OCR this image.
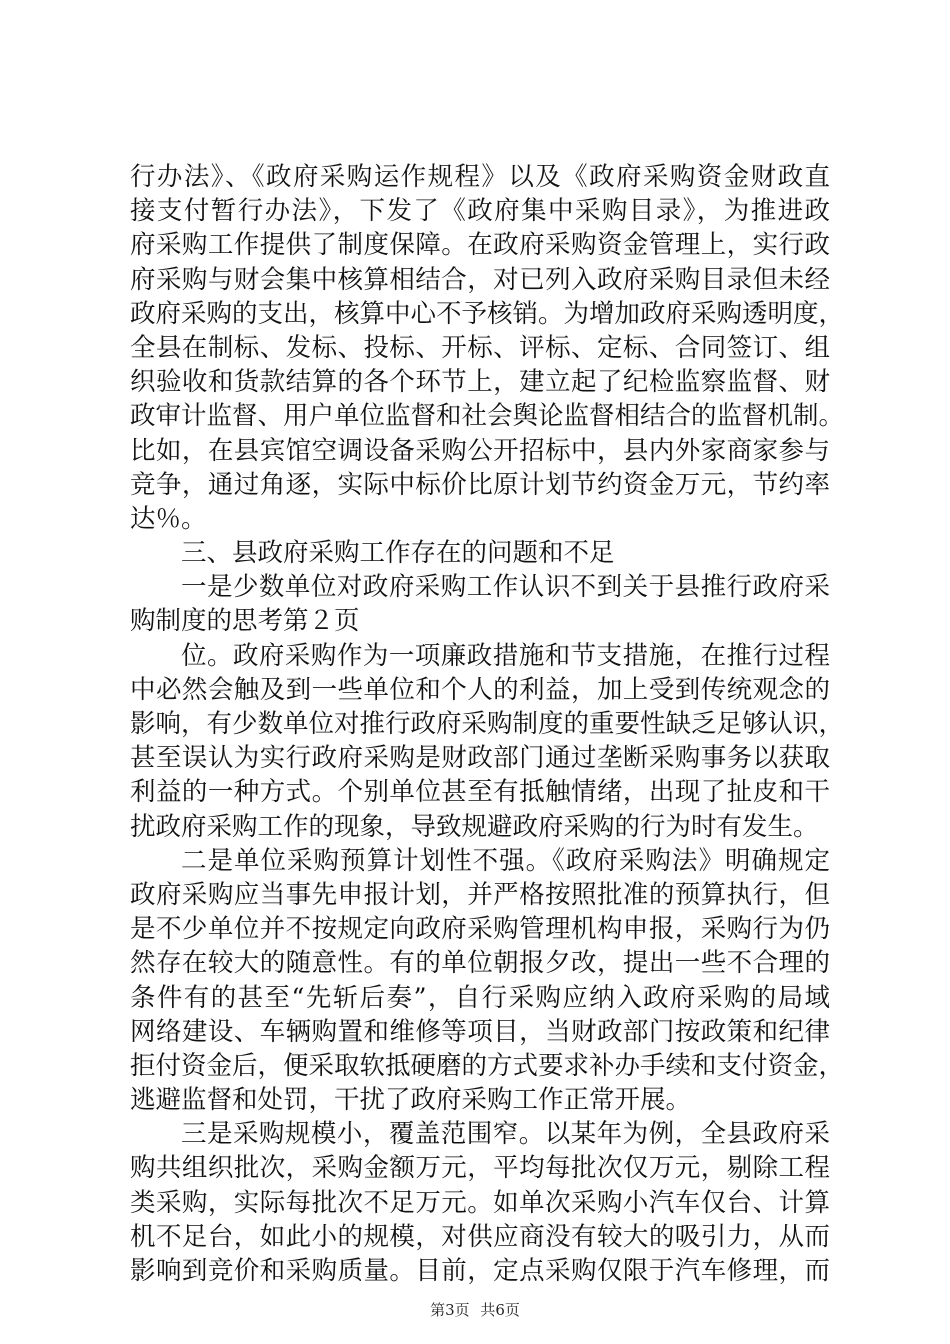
行办法》、《政府采购运作规程》以及《政府采购资金财政直
接支付暂行办法》，下发了《政府集中采购目录》，为推进政
府采购工作提供了制度保障。在政府采购资金管理上，实行政
府采购与财会集中核算相结合，对已列入政府采购目录但未经
政府采购的支出，核算中心不予核销。为增加政府采购透明度，
全县在制标、发标、投标、开标、评标、定标、合同签订、组
织验收和货款结算的各个环节上，建立起了纪检监察监督、财
政审计监督、用户单位监督和社会舆论监督相结合的监督机制。
比如，在县宾馆空调设备采购公开招标中，县内外家商家参与
竞争，通过角逐，实际中标价比原计划节约资金万元，节约率
达％。
三、县政府采购工作存在的问题和不足
一是少数单位对政府采购工作认识不到关于县推行政府采
购制度的思考第２页
位。政府采购作为一项廉政措施和节支措施，在推行过程
中必然会触及到一些单位和个人的利益，加上受到传统观念的
影响，有少数单位对推行政府采购制度的重要性缺乏足够认识，
甚至误认为实行政府采购是财政部门通过垄断采购事务以获取
利益的一种方式。个别单位甚至有抵触情绪，出现了扯皮和干
扰政府采购工作的现象，导致规避政府采购的行为时有发生。
二是单位采购预算计划性不强。《政府采购法》明确规定
政府采购应当事先申报计划，并严格按照批准的预算执行，但
是不少单位并不按规定向政府采购管理机构申报，采购行为仍
然存在较大的随意性。有的单位朝报夕改，提出一些不合理的
条件有的甚至“先斩后奏”，自行采购应纳入政府采购的局域
网络建设、车辆购置和维修等项目，当财政部门按政策和纪律
拒付资金后，便采取软抵硬磨的方式要求补办手续和支付资金，
逃避监督和处罚，干扰了政府采购工作正常开展。
三是采购规模小，覆盖范围窄。以某年为例，全县政府采
购共组织批次，采购金额万元，平均每批次仅万元，剔除工程
类采购，实际每批次不足万元。如单次采购小汽车仅台、计算
机不足台，如此小的规模，对供应商没有较大的吸引力，从而
影响到竞价和采购质量。目前，定点采购仅限于汽车修理，而
第3页 共6页
